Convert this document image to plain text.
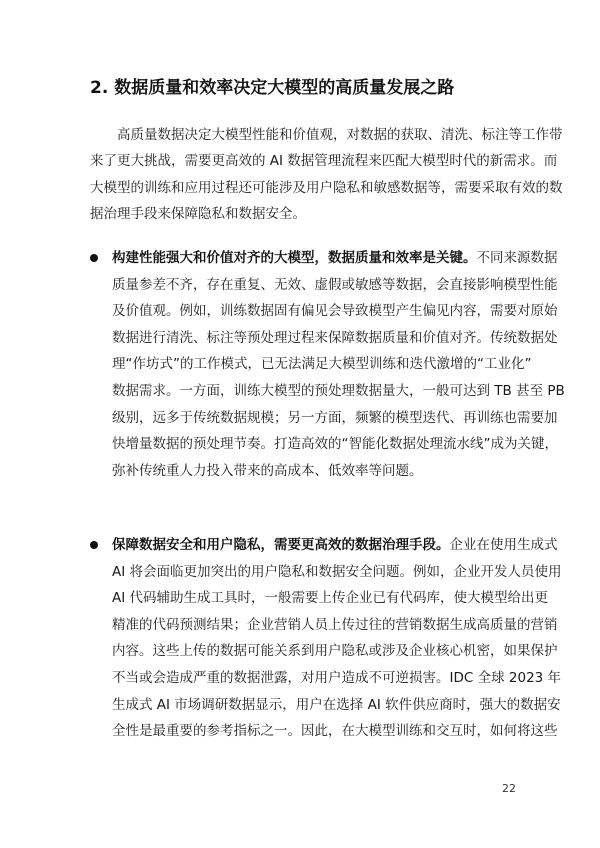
2. 数据质量和效率决定大模型的高质量发展之路
高质量数据决定大模型性能和价值观，对数据的获取、清洗、标注等工作带
来了更大挑战，需要更高效的 AI 数据管理流程来匹配大模型时代的新需求。而
大模型的训练和应用过程还可能涉及用户隐私和敏感数据等，需要采取有效的数
据治理手段来保障隐私和数据安全。
构建性能强大和价值对齐的大模型，数据质量和效率是关键。不同来源数据
质量参差不齐，存在重复、无效、虚假或敏感等数据，会直接影响模型性能
及价值观。例如，训练数据固有偏见会导致模型产生偏见内容，需要对原始
数据进行清洗、标注等预处理过程来保障数据质量和价值对齐。传统数据处
理“作坊式”的工作模式，已无法满足大模型训练和迭代激增的“工业化”
数据需求。一方面，训练大模型的预处理数据量大，一般可达到 TB 甚至 PB
级别，远多于传统数据规模；另一方面，频繁的模型迭代、再训练也需要加
快增量数据的预处理节奏。打造高效的“智能化数据处理流水线”成为关键，
弥补传统重人力投入带来的高成本、低效率等问题。
保障数据安全和用户隐私，需要更高效的数据治理手段。企业在使用生成式
AI 将会面临更加突出的用户隐私和数据安全问题。例如，企业开发人员使用
AI 代码辅助生成工具时，一般需要上传企业已有代码库，使大模型给出更
精准的代码预测结果；企业营销人员上传过往的营销数据生成高质量的营销
内容。这些上传的数据可能关系到用户隐私或涉及企业核心机密，如果保护
不当或会造成严重的数据泄露，对用户造成不可逆损害。IDC 全球 2023 年
生成式 AI 市场调研数据显示，用户在选择 AI 软件供应商时，强大的数据安
全性是最重要的参考指标之一。因此，在大模型训练和交互时，如何将这些
22
